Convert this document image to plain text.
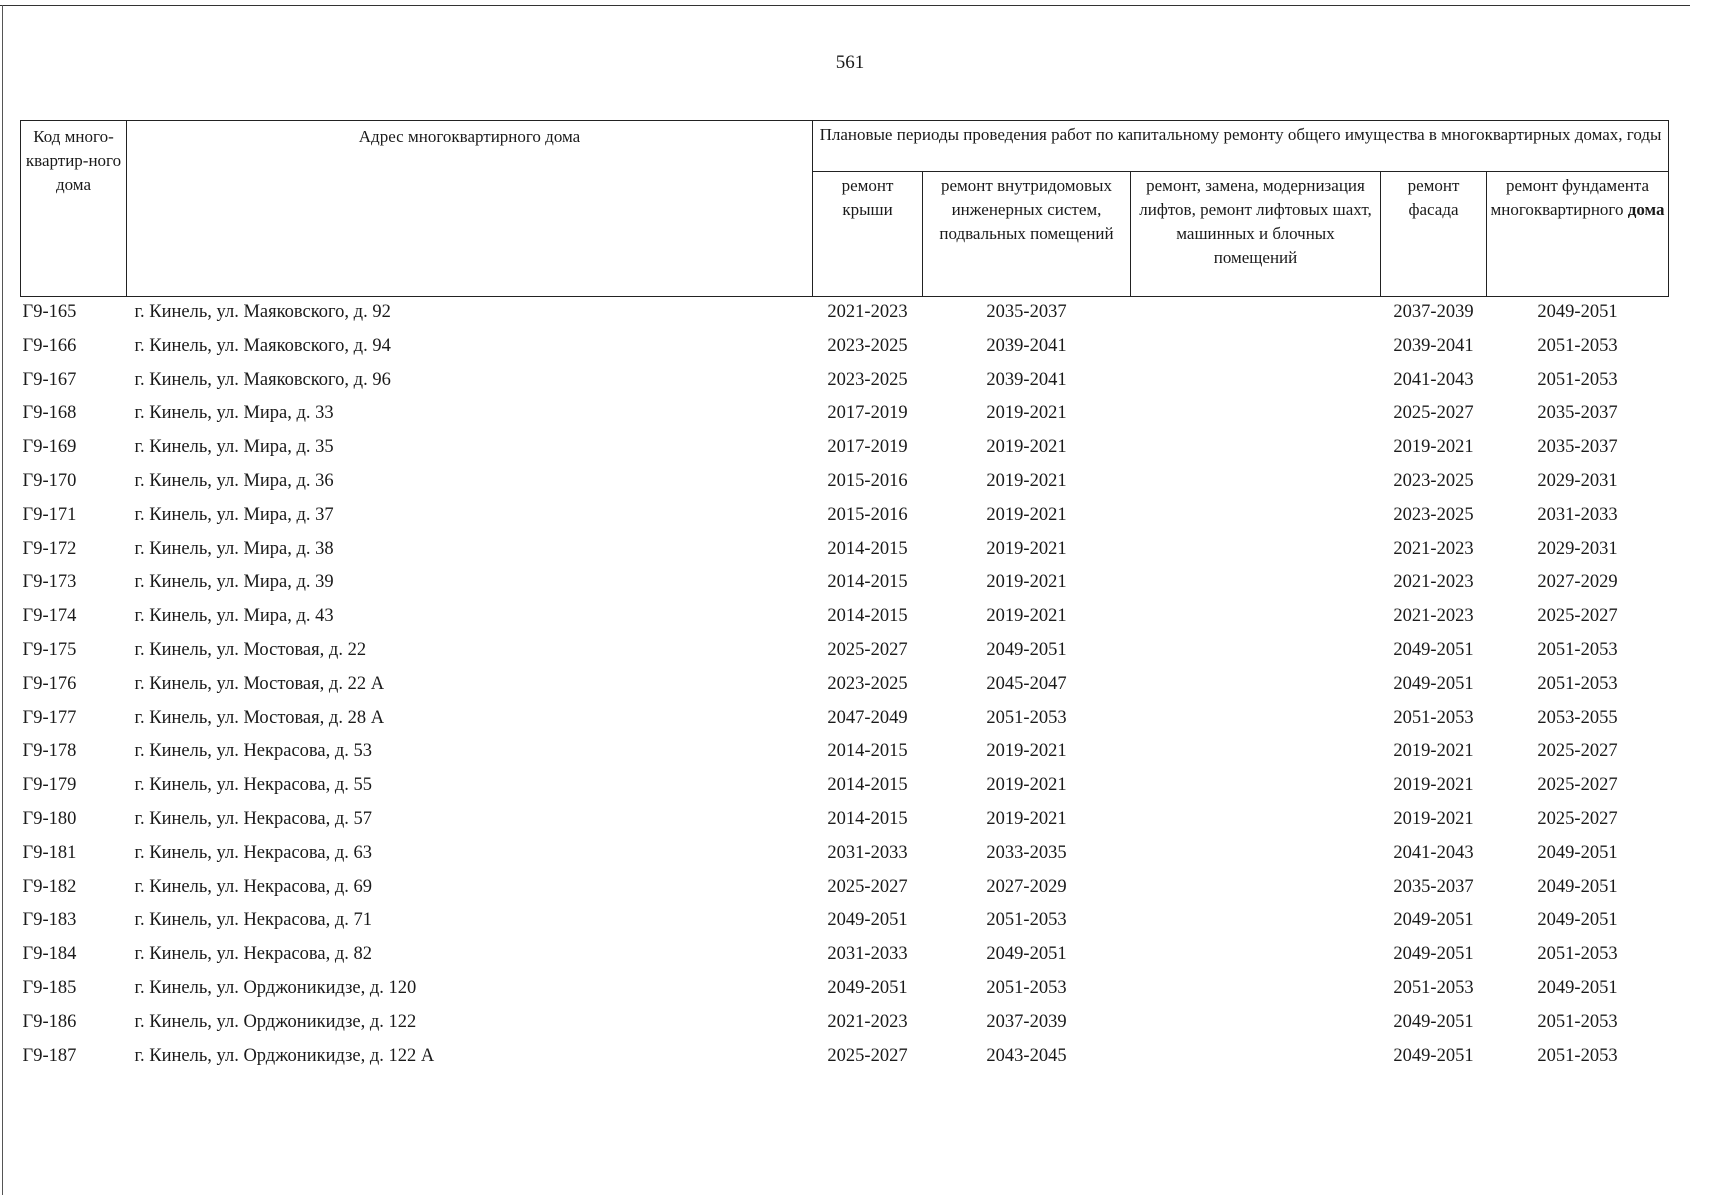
561
Код много-квартир-ного дома	Адрес многоквартирного дома	Плановые периоды проведения работ по капитальному ремонту общего имущества в многоквартирных домах, годы				
		ремонт крыши	ремонт внутридомовых инженерных систем, подвальных помещений	ремонт, замена, модернизация лифтов, ремонт лифтовых шахт, машинных и блочных помещений	ремонт фасада	ремонт фундамента многоквартирного дома
Г9-165	г. Кинель, ул. Маяковского, д. 92	2021-2023	2035-2037		2037-2039	2049-2051
Г9-166	г. Кинель, ул. Маяковского, д. 94	2023-2025	2039-2041		2039-2041	2051-2053
Г9-167	г. Кинель, ул. Маяковского, д. 96	2023-2025	2039-2041		2041-2043	2051-2053
Г9-168	г. Кинель, ул. Мира, д. 33	2017-2019	2019-2021		2025-2027	2035-2037
Г9-169	г. Кинель, ул. Мира, д. 35	2017-2019	2019-2021		2019-2021	2035-2037
Г9-170	г. Кинель, ул. Мира, д. 36	2015-2016	2019-2021		2023-2025	2029-2031
Г9-171	г. Кинель, ул. Мира, д. 37	2015-2016	2019-2021		2023-2025	2031-2033
Г9-172	г. Кинель, ул. Мира, д. 38	2014-2015	2019-2021		2021-2023	2029-2031
Г9-173	г. Кинель, ул. Мира, д. 39	2014-2015	2019-2021		2021-2023	2027-2029
Г9-174	г. Кинель, ул. Мира, д. 43	2014-2015	2019-2021		2021-2023	2025-2027
Г9-175	г. Кинель, ул. Мостовая, д. 22	2025-2027	2049-2051		2049-2051	2051-2053
Г9-176	г. Кинель, ул. Мостовая, д. 22 А	2023-2025	2045-2047		2049-2051	2051-2053
Г9-177	г. Кинель, ул. Мостовая, д. 28 А	2047-2049	2051-2053		2051-2053	2053-2055
Г9-178	г. Кинель, ул. Некрасова, д. 53	2014-2015	2019-2021		2019-2021	2025-2027
Г9-179	г. Кинель, ул. Некрасова, д. 55	2014-2015	2019-2021		2019-2021	2025-2027
Г9-180	г. Кинель, ул. Некрасова, д. 57	2014-2015	2019-2021		2019-2021	2025-2027
Г9-181	г. Кинель, ул. Некрасова, д. 63	2031-2033	2033-2035		2041-2043	2049-2051
Г9-182	г. Кинель, ул. Некрасова, д. 69	2025-2027	2027-2029		2035-2037	2049-2051
Г9-183	г. Кинель, ул. Некрасова, д. 71	2049-2051	2051-2053		2049-2051	2049-2051
Г9-184	г. Кинель, ул. Некрасова, д. 82	2031-2033	2049-2051		2049-2051	2051-2053
Г9-185	г. Кинель, ул. Орджоникидзе, д. 120	2049-2051	2051-2053		2051-2053	2049-2051
Г9-186	г. Кинель, ул. Орджоникидзе, д. 122	2021-2023	2037-2039		2049-2051	2051-2053
Г9-187	г. Кинель, ул. Орджоникидзе, д. 122 А	2025-2027	2043-2045		2049-2051	2051-2053
